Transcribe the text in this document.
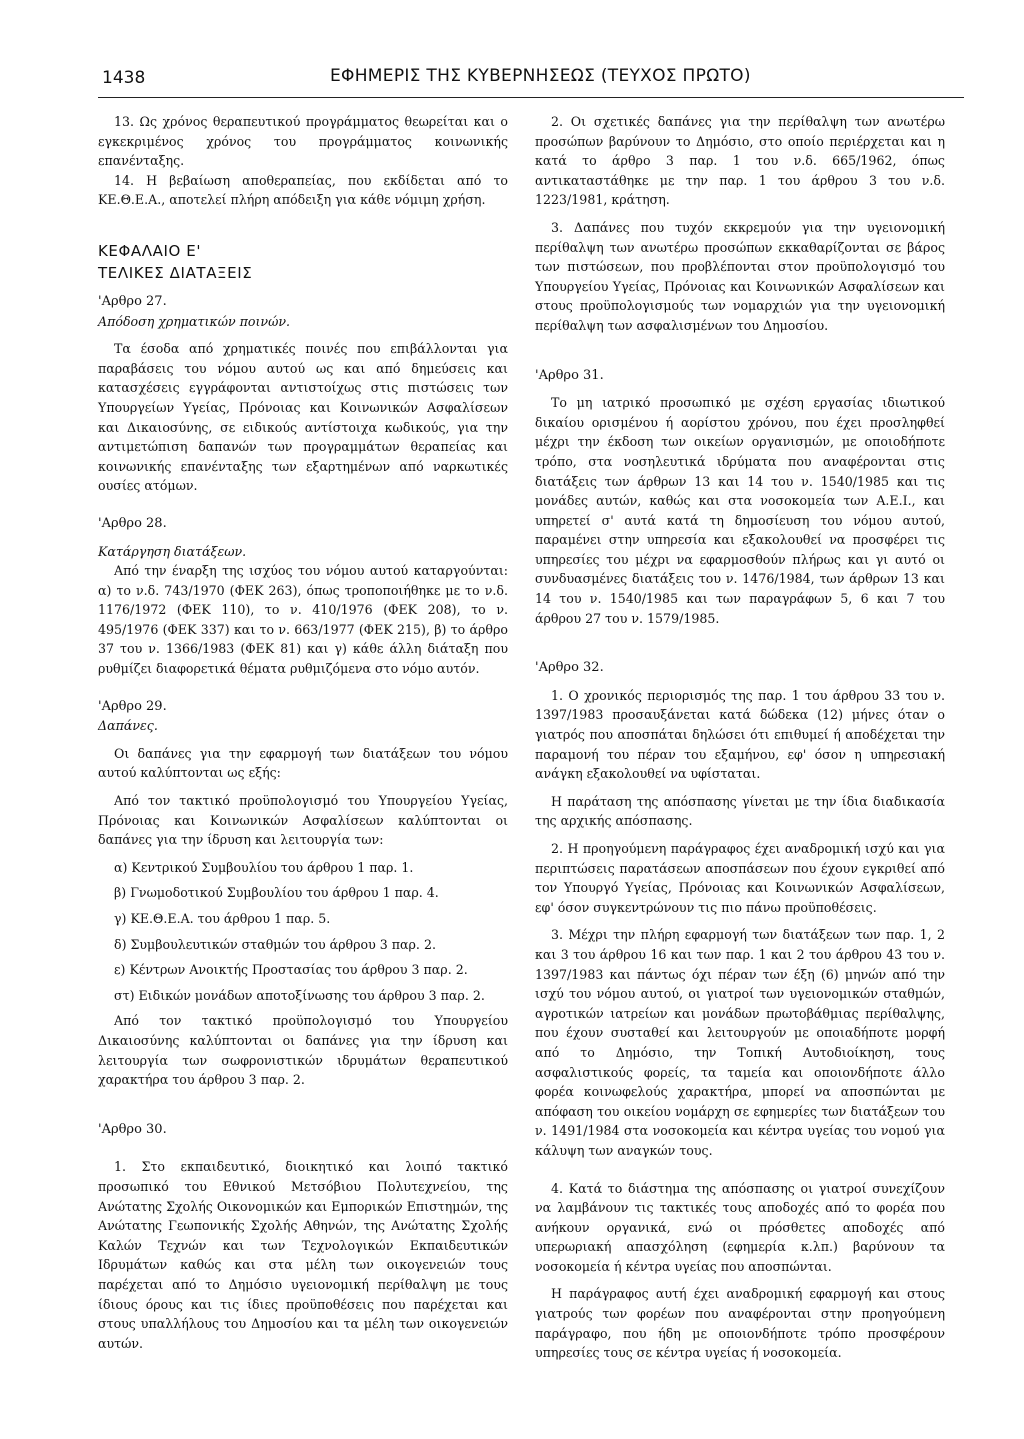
1438	ΕΦΗΜΕΡΙΣ ΤΗΣ ΚΥΒΕΡΝΗΣΕΩΣ (ΤΕΥΧΟΣ ΠΡΩΤΟ)

13. Ως χρόνος θεραπευτικού προγράμματος θεωρείται και ο εγκεκριμένος χρόνος του προγράμματος κοινωνικής επανένταξης.

14. Η βεβαίωση αποθεραπείας, που εκδίδεται από το ΚΕ.Θ.Ε.Α., αποτελεί πλήρη απόδειξη για κάθε νόμιμη χρήση.

ΚΕΦΑΛΑΙΟ Ε'

ΤΕΛΙΚΕΣ ΔΙΑΤΑΞΕΙΣ

'Αρθρο 27.

Απόδοση χρηματικών ποινών.

Τα έσοδα από χρηματικές ποινές που επιβάλλονται για παραβάσεις του νόμου αυτού ως και από δημεύσεις και κατασχέσεις εγγράφονται αντιστοίχως στις πιστώσεις των Υπουργείων Υγείας, Πρόνοιας και Κοινωνικών Ασφαλίσεων και Δικαιοσύνης, σε ειδικούς αντίστοιχα κωδικούς, για την αντιμετώπιση δαπανών των προγραμμάτων θεραπείας και κοινωνικής επανένταξης των εξαρτημένων από ναρκωτικές ουσίες ατόμων.

'Αρθρο 28.

Κατάργηση διατάξεων.

Από την έναρξη της ισχύος του νόμου αυτού καταργούνται: α) το ν.δ. 743/1970 (ΦΕΚ 263), όπως τροποποιήθηκε με το ν.δ. 1176/1972 (ΦΕΚ 110), το ν. 410/1976 (ΦΕΚ 208), το ν. 495/1976 (ΦΕΚ 337) και το ν. 663/1977 (ΦΕΚ 215), β) το άρθρο 37 του ν. 1366/1983 (ΦΕΚ 81) και γ) κάθε άλλη διάταξη που ρυθμίζει διαφορετικά θέματα ρυθμιζόμενα στο νόμο αυτόν.

'Αρθρο 29.

Δαπάνες.

Οι δαπάνες για την εφαρμογή των διατάξεων του νόμου αυτού καλύπτονται ως εξής:

Από τον τακτικό προϋπολογισμό του Υπουργείου Υγείας, Πρόνοιας και Κοινωνικών Ασφαλίσεων καλύπτονται οι δαπάνες για την ίδρυση και λειτουργία των:

α) Κεντρικού Συμβουλίου του άρθρου 1 παρ. 1.

β) Γνωμοδοτικού Συμβουλίου του άρθρου 1 παρ. 4.

γ) ΚΕ.Θ.Ε.Α. του άρθρου 1 παρ. 5.

δ) Συμβουλευτικών σταθμών του άρθρου 3 παρ. 2.

ε) Κέντρων Ανοικτής Προστασίας του άρθρου 3 παρ. 2.

στ) Ειδικών μονάδων αποτοξίνωσης του άρθρου 3 παρ. 2.

Από τον τακτικό προϋπολογισμό του Υπουργείου Δικαιοσύνης καλύπτονται οι δαπάνες για την ίδρυση και λειτουργία των σωφρονιστικών ιδρυμάτων θεραπευτικού χαρακτήρα του άρθρου 3 παρ. 2.

'Αρθρο 30.

1. Στο εκπαιδευτικό, διοικητικό και λοιπό τακτικό προσωπικό του Εθνικού Μετσόβιου Πολυτεχνείου, της Ανώτατης Σχολής Οικονομικών και Εμπορικών Επιστημών, της Ανώτατης Γεωπονικής Σχολής Αθηνών, της Ανώτατης Σχολής Καλών Τεχνών και των Τεχνολογικών Εκπαιδευτικών Ιδρυμάτων καθώς και στα μέλη των οικογενειών τους παρέχεται από το Δημόσιο υγειονομική περίθαλψη με τους ίδιους όρους και τις ίδιες προϋποθέσεις που παρέχεται και στους υπαλλήλους του Δημοσίου και τα μέλη των οικογενειών αυτών.

2. Οι σχετικές δαπάνες για την περίθαλψη των ανωτέρω προσώπων βαρύνουν το Δημόσιο, στο οποίο περιέρχεται και η κατά το άρθρο 3 παρ. 1 του ν.δ. 665/1962, όπως αντικαταστάθηκε με την παρ. 1 του άρθρου 3 του ν.δ. 1223/1981, κράτηση.

3. Δαπάνες που τυχόν εκκρεμούν για την υγειονομική περίθαλψη των ανωτέρω προσώπων εκκαθαρίζονται σε βάρος των πιστώσεων, που προβλέπονται στον προϋπολογισμό του Υπουργείου Υγείας, Πρόνοιας και Κοινωνικών Ασφαλίσεων και στους προϋπολογισμούς των νομαρχιών για την υγειονομική περίθαλψη των ασφαλισμένων του Δημοσίου.

'Αρθρο 31.

Το μη ιατρικό προσωπικό με σχέση εργασίας ιδιωτικού δικαίου ορισμένου ή αορίστου χρόνου, που έχει προσληφθεί μέχρι την έκδοση των οικείων οργανισμών, με οποιοδήποτε τρόπο, στα νοσηλευτικά ιδρύματα που αναφέρονται στις διατάξεις των άρθρων 13 και 14 του ν. 1540/1985 και τις μονάδες αυτών, καθώς και στα νοσοκομεία των Α.Ε.Ι., και υπηρετεί σ' αυτά κατά τη δημοσίευση του νόμου αυτού, παραμένει στην υπηρεσία και εξακολουθεί να προσφέρει τις υπηρεσίες του μέχρι να εφαρμοσθούν πλήρως και γι αυτό οι συνδυασμένες διατάξεις του ν. 1476/1984, των άρθρων 13 και 14 του ν. 1540/1985 και των παραγράφων 5, 6 και 7 του άρθρου 27 του ν. 1579/1985.

'Αρθρο 32.

1. Ο χρονικός περιορισμός της παρ. 1 του άρθρου 33 του ν. 1397/1983 προσαυξάνεται κατά δώδεκα (12) μήνες όταν ο γιατρός που αποσπάται δηλώσει ότι επιθυμεί ή αποδέχεται την παραμονή του πέραν του εξαμήνου, εφ' όσον η υπηρεσιακή ανάγκη εξακολουθεί να υφίσταται.

Η παράταση της απόσπασης γίνεται με την ίδια διαδικασία της αρχικής απόσπασης.

2. Η προηγούμενη παράγραφος έχει αναδρομική ισχύ και για περιπτώσεις παρατάσεων αποσπάσεων που έχουν εγκριθεί από τον Υπουργό Υγείας, Πρόνοιας και Κοινωνικών Ασφαλίσεων, εφ' όσον συγκεντρώνουν τις πιο πάνω προϋποθέσεις.

3. Μέχρι την πλήρη εφαρμογή των διατάξεων των παρ. 1, 2 και 3 του άρθρου 16 και των παρ. 1 και 2 του άρθρου 43 του ν. 1397/1983 και πάντως όχι πέραν των έξη (6) μηνών από την ισχύ του νόμου αυτού, οι γιατροί των υγειονομικών σταθμών, αγροτικών ιατρείων και μονάδων πρωτοβάθμιας περίθαλψης, που έχουν συσταθεί και λειτουργούν με οποιαδήποτε μορφή από το Δημόσιο, την Τοπική Αυτοδιοίκηση, τους ασφαλιστικούς φορείς, τα ταμεία και οποιονδήποτε άλλο φορέα κοινωφελούς χαρακτήρα, μπορεί να αποσπώνται με απόφαση του οικείου νομάρχη σε εφημερίες των διατάξεων του ν. 1491/1984 στα νοσοκομεία και κέντρα υγείας του νομού για κάλυψη των αναγκών τους.

4. Κατά το διάστημα της απόσπασης οι γιατροί συνεχίζουν να λαμβάνουν τις τακτικές τους αποδοχές από το φορέα που ανήκουν οργανικά, ενώ οι πρόσθετες αποδοχές από υπερωριακή απασχόληση (εφημερία κ.λπ.) βαρύνουν τα νοσοκομεία ή κέντρα υγείας που αποσπώνται.

Η παράγραφος αυτή έχει αναδρομική εφαρμογή και στους γιατρούς των φορέων που αναφέρονται στην προηγούμενη παράγραφο, που ήδη με οποιονδήποτε τρόπο προσφέρουν υπηρεσίες τους σε κέντρα υγείας ή νοσοκομεία.
